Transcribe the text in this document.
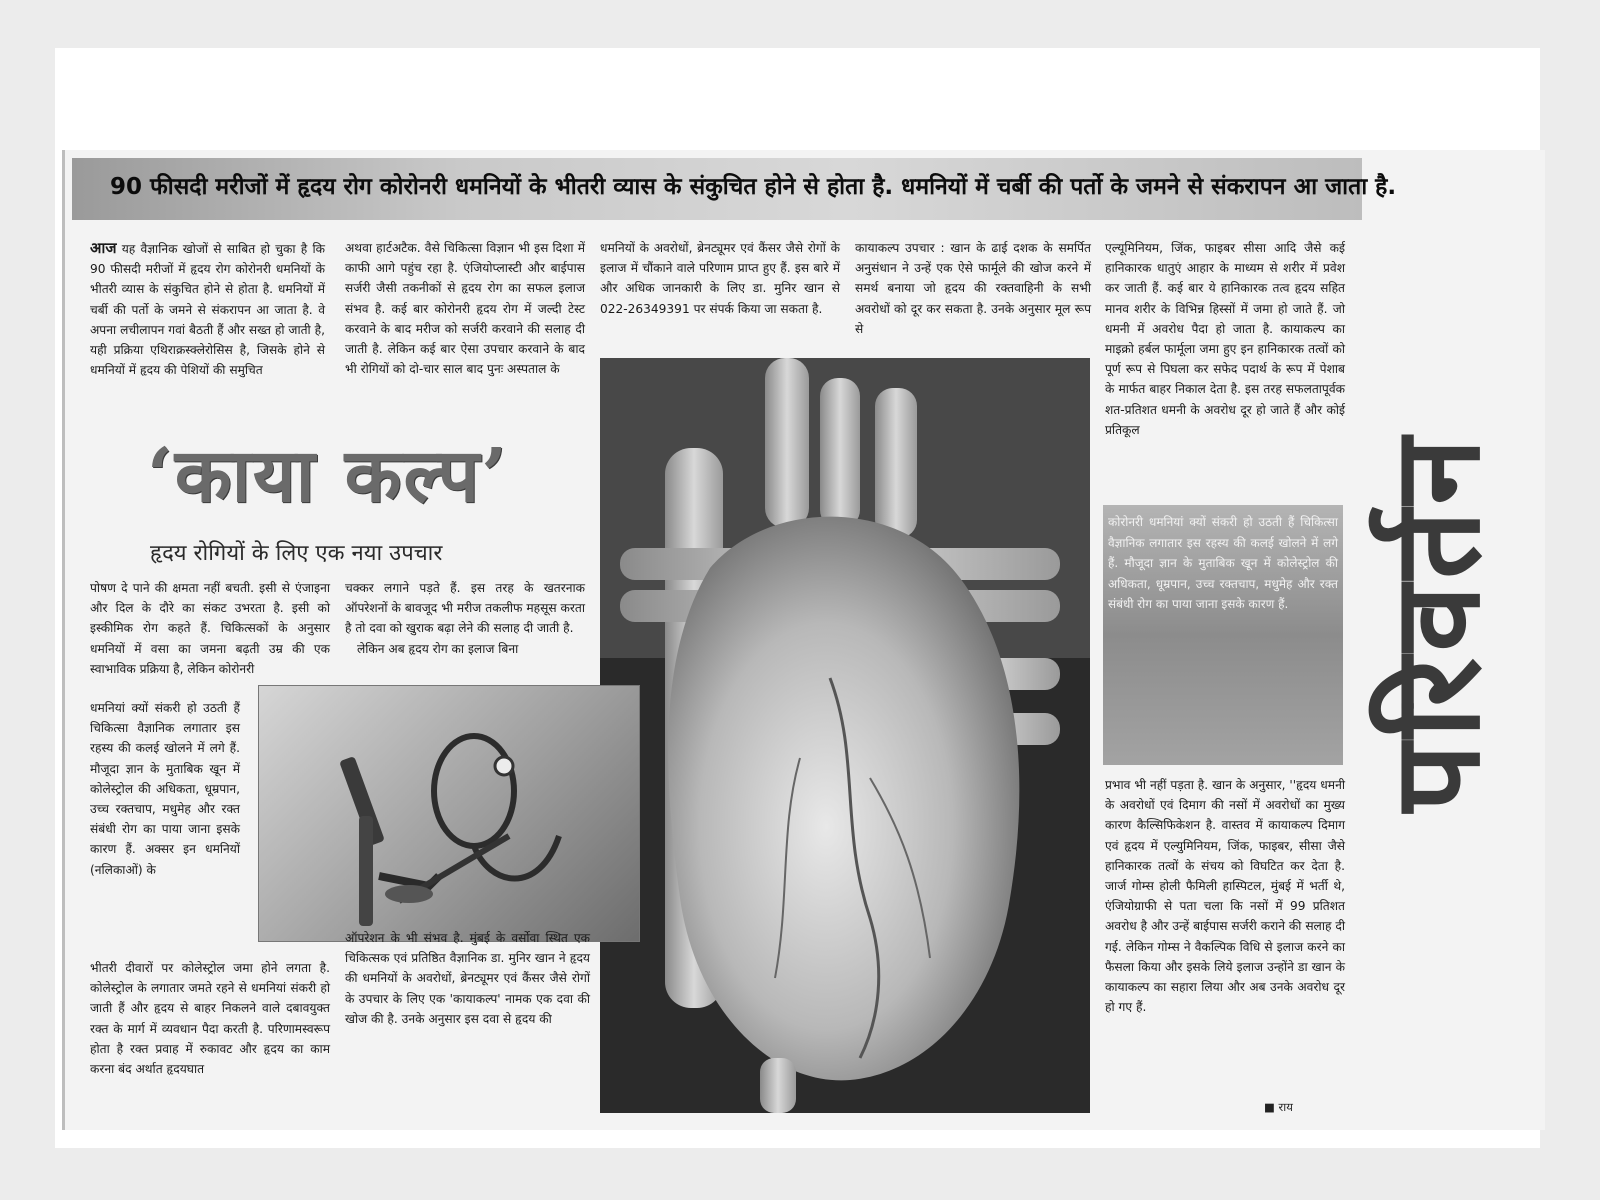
90 फीसदी मरीजों में हृदय रोग कोरोनरी धमनियों के भीतरी व्यास के संकुचित होने से होता है. धमनियों में चर्बी की पर्तो के जमने से संकरापन आ जाता है.
आज यह वैज्ञानिक खोजों से साबित हो चुका है कि 90 फीसदी मरीजों में हृदय रोग कोरोनरी धमनियों के भीतरी व्यास के संकुचित होने से होता है. धमनियों में चर्बी की पर्तो के जमने से संकरापन आ जाता है. वे अपना लचीलापन गवां बैठती हैं और सख्त हो जाती है, यही प्रक्रिया एथिराक्रस्क्लेरोसिस है, जिसके होने से धमनियों में हृदय की पेशियों की समुचित
अथवा हार्टअटैक. वैसे चिकित्सा विज्ञान भी इस दिशा में काफी आगे पहुंच रहा है. एंजियोप्लास्टी और बाईपास सर्जरी जैसी तकनीकों से हृदय रोग का सफल इलाज संभव है. कई बार कोरोनरी हृदय रोग में जल्दी टेस्ट करवाने के बाद मरीज को सर्जरी करवाने की सलाह दी जाती है. लेकिन कई बार ऐसा उपचार करवाने के बाद भी रोगियों को दो-चार साल बाद पुनः अस्पताल के
धमनियों के अवरोधों, ब्रेनट्यूमर एवं कैंसर जैसे रोगों के इलाज में चौंकाने वाले परिणाम प्राप्त हुए हैं. इस बारे में और अधिक जानकारी के लिए डा. मुनिर खान से 022-26349391 पर संपर्क किया जा सकता है.
कायाकल्प उपचार : खान के ढाई दशक के समर्पित अनुसंधान ने उन्हें एक ऐसे फार्मूले की खोज करने में समर्थ बनाया जो हृदय की रक्तवाहिनी के सभी अवरोधों को दूर कर सकता है. उनके अनुसार मूल रूप से
एल्यूमिनियम, जिंक, फाइबर सीसा आदि जैसे कई हानिकारक धातुएं आहार के माध्यम से शरीर में प्रवेश कर जाती हैं. कई बार ये हानिकारक तत्व हृदय सहित मानव शरीर के विभिन्न हिस्सों में जमा हो जाते हैं. जो धमनी में अवरोध पैदा हो जाता है. कायाकल्प का माइक्रो हर्बल फार्मूला जमा हुए इन हानिकारक तत्वों को पूर्ण रूप से पिघला कर सफेद पदार्थ के रूप में पेशाब के मार्फत बाहर निकाल देता है. इस तरह सफलतापूर्वक शत-प्रतिशत धमनी के अवरोध दूर हो जाते हैं और कोई प्रतिकूल
‘काया कल्प’
हृदय रोगियों के लिए एक नया उपचार
पोषण दे पाने की क्षमता नहीं बचती. इसी से एंजाइना और दिल के दौरे का संकट उभरता है. इसी को इस्कीमिक रोग कहते हैं. चिकित्सकों के अनुसार धमनियों में वसा का जमना बढ़ती उम्र की एक स्वाभाविक प्रक्रिया है, लेकिन कोरोनरी
चक्कर लगाने पड़ते हैं. इस तरह के खतरनाक ऑपरेशनों के बावजूद भी मरीज तकलीफ महसूस करता है तो दवा को खुराक बढ़ा लेने की सलाह दी जाती है.
लेकिन अब हृदय रोग का इलाज बिना
धमनियां क्यों संकरी हो उठती हैं चिकित्सा वैज्ञानिक लगातार इस रहस्य की कलई खोलने में लगे हैं. मौजूदा ज्ञान के मुताबिक खून में कोलेस्ट्रोल की अधिकता, धूम्रपान, उच्च रक्तचाप, मधुमेह और रक्त संबंधी रोग का पाया जाना इसके कारण हैं. अक्सर इन धमनियों (नलिकाओं) के
भीतरी दीवारों पर कोलेस्ट्रोल जमा होने लगता है. कोलेस्ट्रोल के लगातार जमते रहने से धमनियां संकरी हो जाती हैं और हृदय से बाहर निकलने वाले दबावयुक्त रक्त के मार्ग में व्यवधान पैदा करती है. परिणामस्वरूप होता है रक्त प्रवाह में रुकावट और हृदय का काम करना बंद अर्थात हृदयघात
ऑपरेशन के भी संभव है. मुंबई के वर्सोवा स्थित एक चिकित्सक एवं प्रतिष्ठित वैज्ञानिक डा. मुनिर खान ने हृदय की धमनियों के अवरोधों, ब्रेनट्यूमर एवं कैंसर जैसे रोगों के उपचार के लिए एक 'कायाकल्प' नामक एक दवा की खोज की है. उनके अनुसार इस दवा से हृदय की
कोरोनरी धमनियां क्यों संकरी हो उठती हैं चिकित्सा वैज्ञानिक लगातार इस रहस्य की कलई खोलने में लगे हैं. मौजूदा ज्ञान के मुताबिक खून में कोलेस्ट्रोल की अधिकता, धूम्रपान, उच्च रक्तचाप, मधुमेह और रक्त संबंधी रोग का पाया जाना इसके कारण हैं.
प्रभाव भी नहीं पड़ता है. खान के अनुसार, ''हृदय धमनी के अवरोधों एवं दिमाग की नसों में अवरोधों का मुख्य कारण कैल्सिफिकेशन है. वास्तव में कायाकल्प दिमाग एवं हृदय में एल्युमिनियम, जिंक, फाइबर, सीसा जैसे हानिकारक तत्वों के संचय को विघटित कर देता है. जार्ज गोम्स होली फैमिली हास्पिटल, मुंबई में भर्ती थे, एंजियोग्राफी से पता चला कि नसों में 99 प्रतिशत अवरोध है और उन्हें बाईपास सर्जरी कराने की सलाह दी गई. लेकिन गोम्स ने वैकल्पिक विधि से इलाज करने का फैसला किया और इसके लिये इलाज उन्होंने डा खान के कायाकल्प का सहारा लिया और अब उनके अवरोध दूर हो गए हैं.
■ राय
परिवर्तन
